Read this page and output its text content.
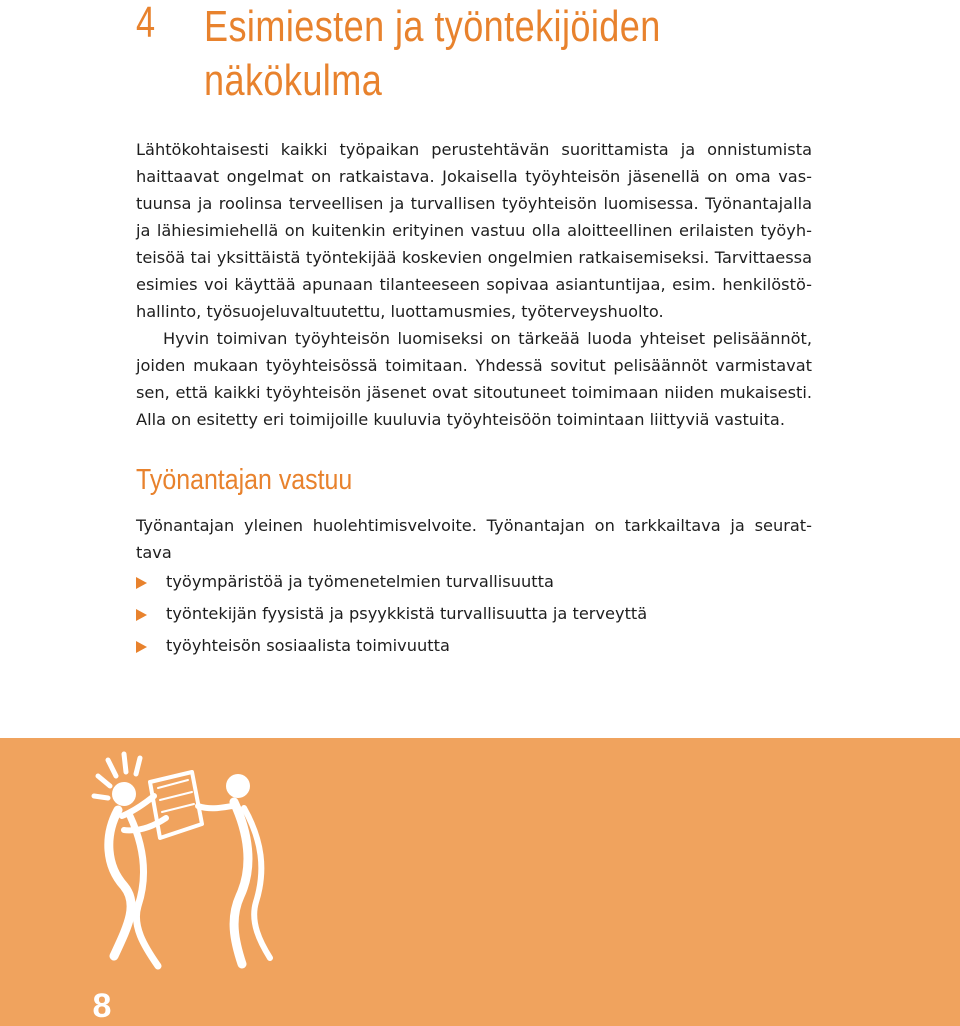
4 Esimiesten ja työntekijöiden
näkökulma
Lähtökohtaisesti kaikki työpaikan perustehtävän suorittamista ja onnistumista
haittaavat ongelmat on ratkaistava. Jokaisella työyhteisön jäsenellä on oma vas-
tuunsa ja roolinsa terveellisen ja turvallisen työyhteisön luomisessa. Työnantajalla
ja lähiesimiehellä on kuitenkin erityinen vastuu olla aloitteellinen erilaisten työyh-
teisöä tai yksittäistä työntekijää koskevien ongelmien ratkaisemiseksi. Tarvittaessa
esimies voi käyttää apunaan tilanteeseen sopivaa asiantuntijaa, esim. henkilöstö-
hallinto, työsuojeluvaltuutettu, luottamusmies, työterveyshuolto.
Hyvin toimivan työyhteisön luomiseksi on tärkeää luoda yhteiset pelisäännöt,
joiden mukaan työyhteisössä toimitaan. Yhdessä sovitut pelisäännöt varmistavat
sen, että kaikki työyhteisön jäsenet ovat sitoutuneet toimimaan niiden mukaisesti.
Alla on esitetty eri toimijoille kuuluvia työyhteisöön toimintaan liittyviä vastuita.
Työnantajan vastuu
Työnantajan yleinen huolehtimisvelvoite. Työnantajan on tarkkailtava ja seurat-
tava
työympäristöä ja työmenetelmien turvallisuutta
työntekijän fyysistä ja psyykkistä turvallisuutta ja terveyttä
työyhteisön sosiaalista toimivuutta
8
